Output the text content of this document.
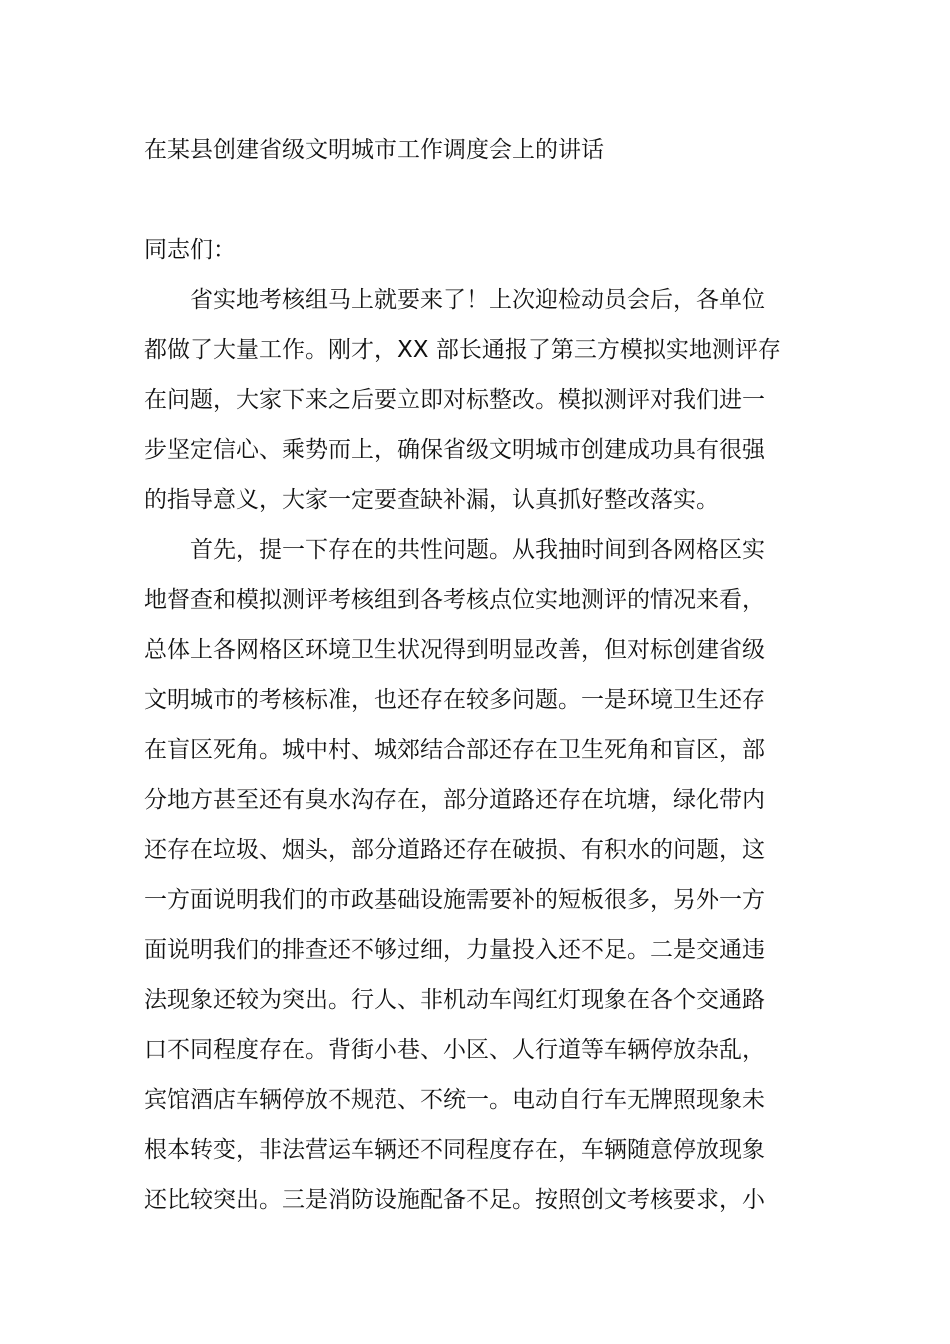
在某县创建省级文明城市工作调度会上的讲话

同志们：

省实地考核组马上就要来了！上次迎检动员会后，各单位
都做了大量工作。刚才，XX 部长通报了第三方模拟实地测评存
在问题，大家下来之后要立即对标整改。模拟测评对我们进一
步坚定信心、乘势而上，确保省级文明城市创建成功具有很强
的指导意义，大家一定要查缺补漏，认真抓好整改落实。
首先，提一下存在的共性问题。从我抽时间到各网格区实
地督查和模拟测评考核组到各考核点位实地测评的情况来看，
总体上各网格区环境卫生状况得到明显改善，但对标创建省级
文明城市的考核标准，也还存在较多问题。一是环境卫生还存
在盲区死角。城中村、城郊结合部还存在卫生死角和盲区，部
分地方甚至还有臭水沟存在，部分道路还存在坑塘，绿化带内
还存在垃圾、烟头，部分道路还存在破损、有积水的问题，这
一方面说明我们的市政基础设施需要补的短板很多，另外一方
面说明我们的排查还不够过细，力量投入还不足。二是交通违
法现象还较为突出。行人、非机动车闯红灯现象在各个交通路
口不同程度存在。背街小巷、小区、人行道等车辆停放杂乱，
宾馆酒店车辆停放不规范、不统一。电动自行车无牌照现象未
根本转变，非法营运车辆还不同程度存在，车辆随意停放现象
还比较突出。三是消防设施配备不足。按照创文考核要求，小
